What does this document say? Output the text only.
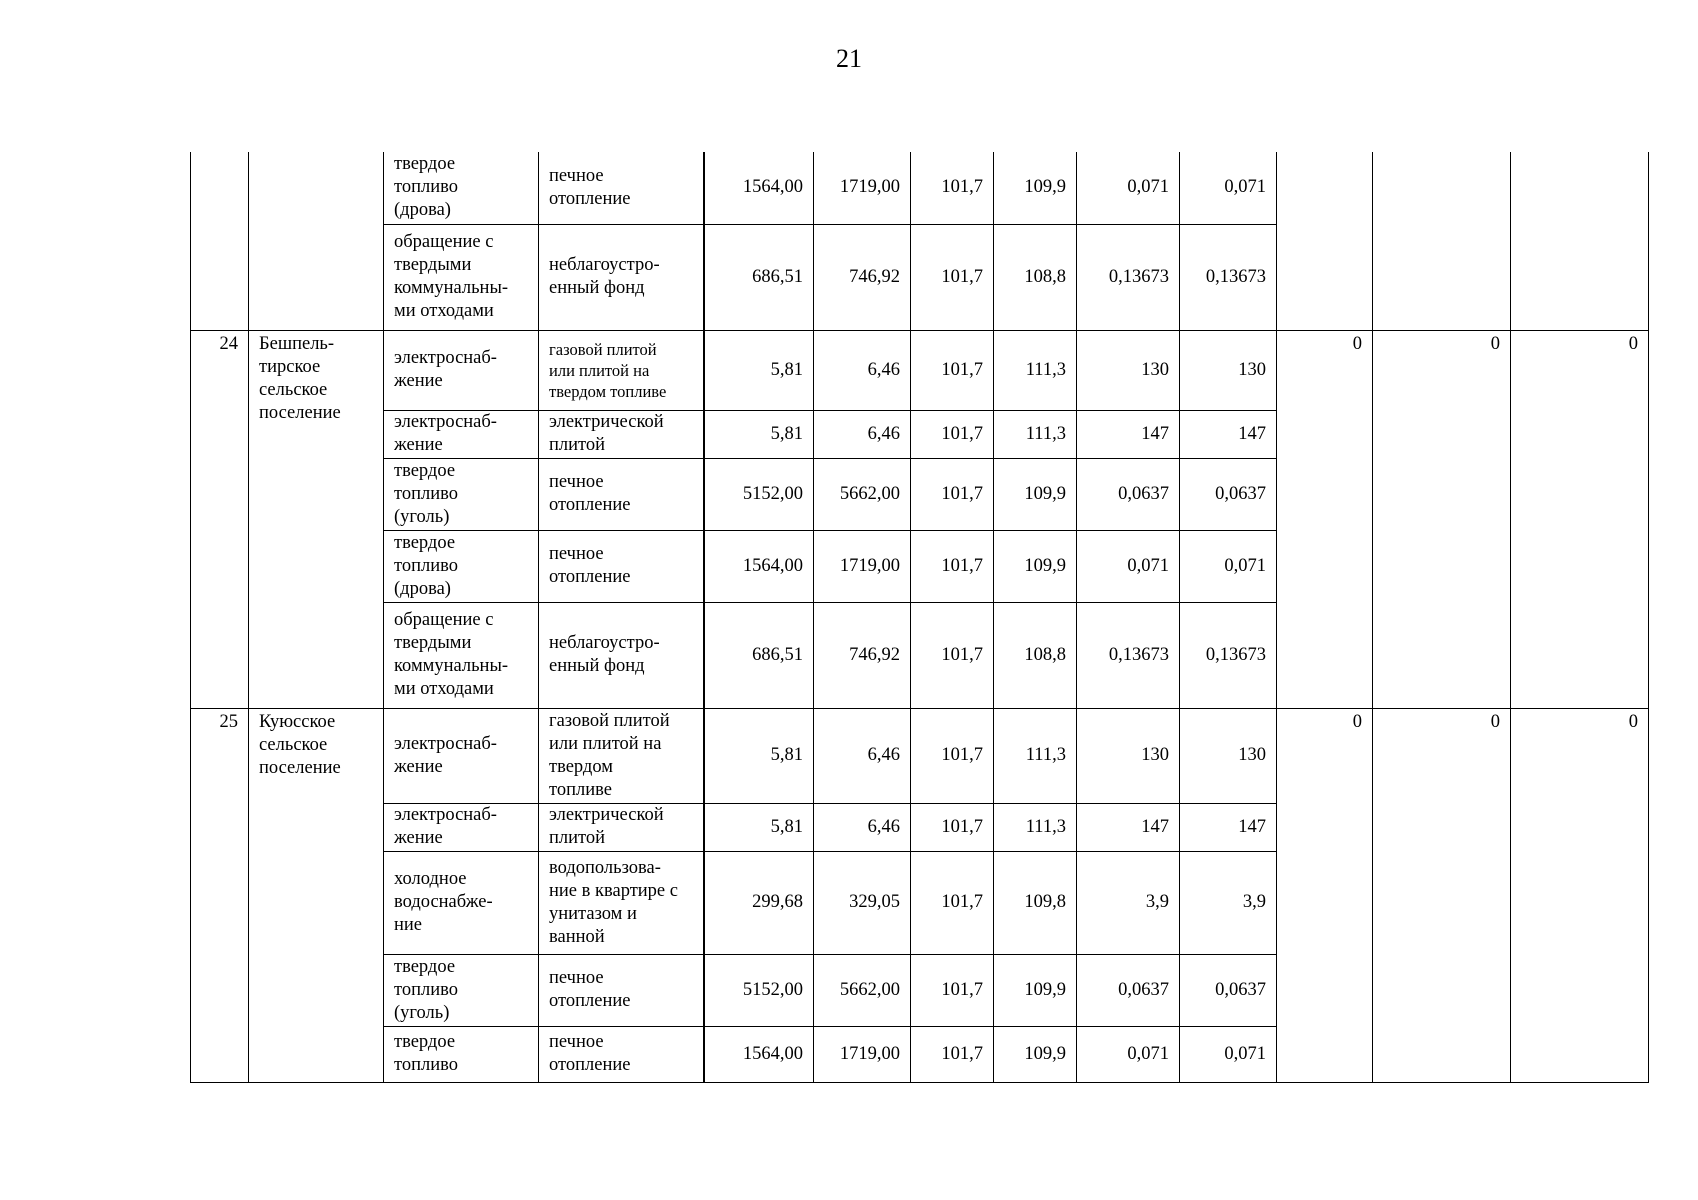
21

		твердое
топливо
(дрова)	печное
отопление	1564,00	1719,00	101,7	109,9	0,071	0,071			

		обращение с
твердыми
коммунальны-
ми отходами	неблагоустро-
енный фонд	686,51	746,92	101,7	108,8	0,13673	0,13673			
24	Бешпель-
тирское
сельское
поселение	электроснаб-
жение	газовой плитой
или плитой на
твердом топливе	5,81	6,46	101,7	111,3	130	130	0	0	0

		электроснаб-
жение	электрической
плитой	5,81	6,46	101,7	111,3	147	147			

		твердое
топливо
(уголь)	печное
отопление	5152,00	5662,00	101,7	109,9	0,0637	0,0637			

		твердое
топливо
(дрова)	печное
отопление	1564,00	1719,00	101,7	109,9	0,071	0,071			

		обращение с
твердыми
коммунальны-
ми отходами	неблагоустро-
енный фонд	686,51	746,92	101,7	108,8	0,13673	0,13673			
25	Куюсское
сельское
поселение	электроснаб-
жение	газовой плитой
или плитой на
твердом
топливе	5,81	6,46	101,7	111,3	130	130	0	0	0

		электроснаб-
жение	электрической
плитой	5,81	6,46	101,7	111,3	147	147			

		холодное
водоснабже-
ние	водопользова-
ние в квартире с
унитазом и
ванной	299,68	329,05	101,7	109,8	3,9	3,9			

		твердое
топливо
(уголь)	печное
отопление	5152,00	5662,00	101,7	109,9	0,0637	0,0637			

		твердое
топливо	печное
отопление	1564,00	1719,00	101,7	109,9	0,071	0,071			
